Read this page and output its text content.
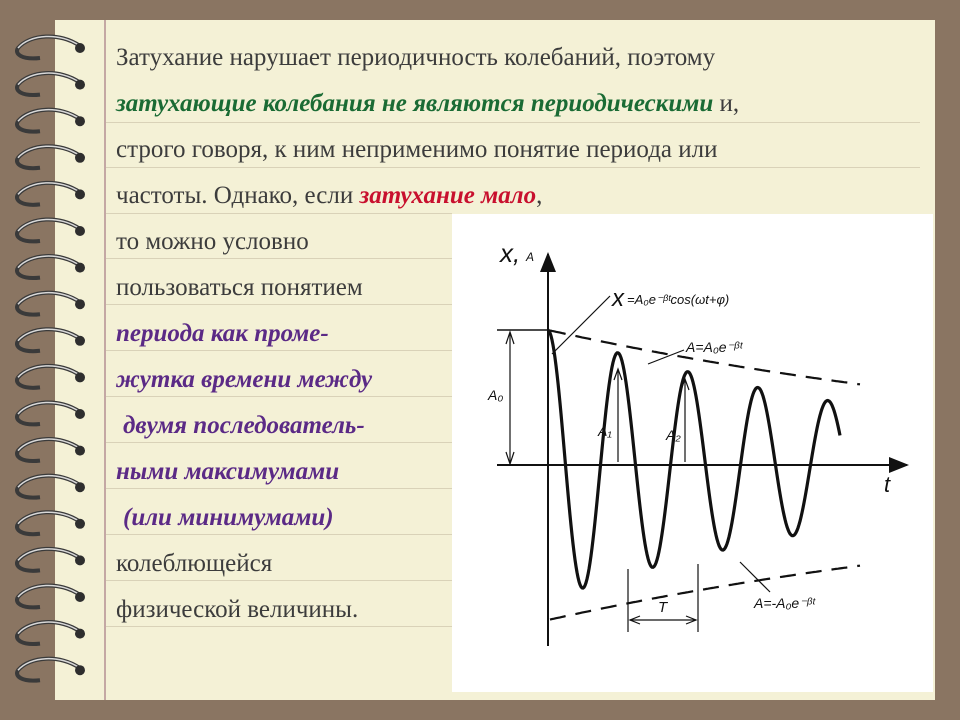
Затухание нарушает периодичность колебаний, поэтому
затухающие колебания не являются периодическими и,
строго говоря, к ним неприменимо понятие периода или
частоты. Однако, если затухание мало,
то можно условно
пользоваться понятием
периода как проме-
жутка времени между
двумя последователь-
ными максимумами
(или минимумами)
колеблющейся
физической величины.
x, A
t
x =A₀e⁻ᵝᵗcos(ωt+φ)
A=A₀e⁻ᵝᵗ
A=-A₀e⁻ᵝᵗ
A₀
A₁	A₂
T
